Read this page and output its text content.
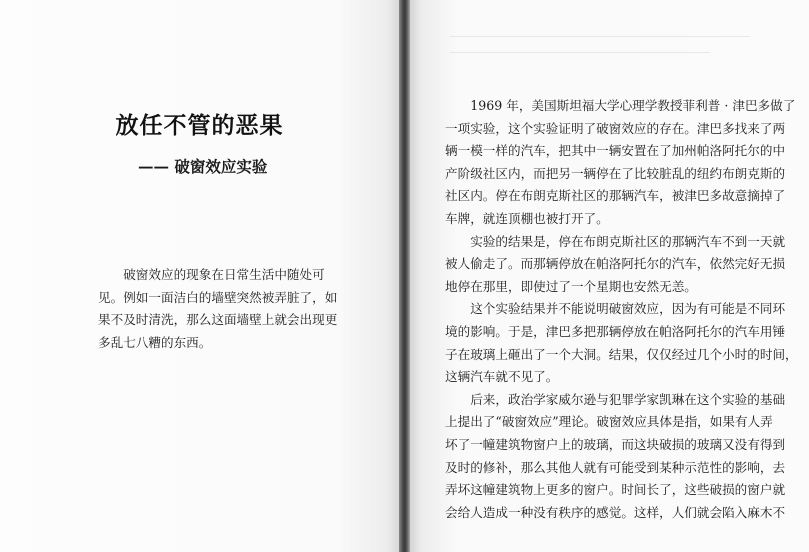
放任不管的恶果
—— 破窗效应实验
破窗效应的现象在日常生活中随处可
见。例如一面洁白的墙壁突然被弄脏了，如
果不及时清洗，那么这面墙壁上就会出现更
多乱七八糟的东西。
1969 年，美国斯坦福大学心理学教授菲利普 · 津巴多做了
一项实验，这个实验证明了破窗效应的存在。津巴多找来了两
辆一模一样的汽车，把其中一辆安置在了加州帕洛阿托尔的中
产阶级社区内，而把另一辆停在了比较脏乱的纽约布朗克斯的
社区内。停在布朗克斯社区的那辆汽车，被津巴多故意摘掉了
车牌，就连顶棚也被打开了。
实验的结果是，停在布朗克斯社区的那辆汽车不到一天就
被人偷走了。而那辆停放在帕洛阿托尔的汽车，依然完好无损
地停在那里，即使过了一个星期也安然无恙。
这个实验结果并不能说明破窗效应，因为有可能是不同环
境的影响。于是，津巴多把那辆停放在帕洛阿托尔的汽车用锤
子在玻璃上砸出了一个大洞。结果，仅仅经过几个小时的时间，
这辆汽车就不见了。
后来，政治学家威尔逊与犯罪学家凯琳在这个实验的基础
上提出了“破窗效应”理论。破窗效应具体是指，如果有人弄
坏了一幢建筑物窗户上的玻璃，而这块破损的玻璃又没有得到
及时的修补，那么其他人就有可能受到某种示范性的影响，去
弄坏这幢建筑物上更多的窗户。时间长了，这些破损的窗户就
会给人造成一种没有秩序的感觉。这样，人们就会陷入麻木不
